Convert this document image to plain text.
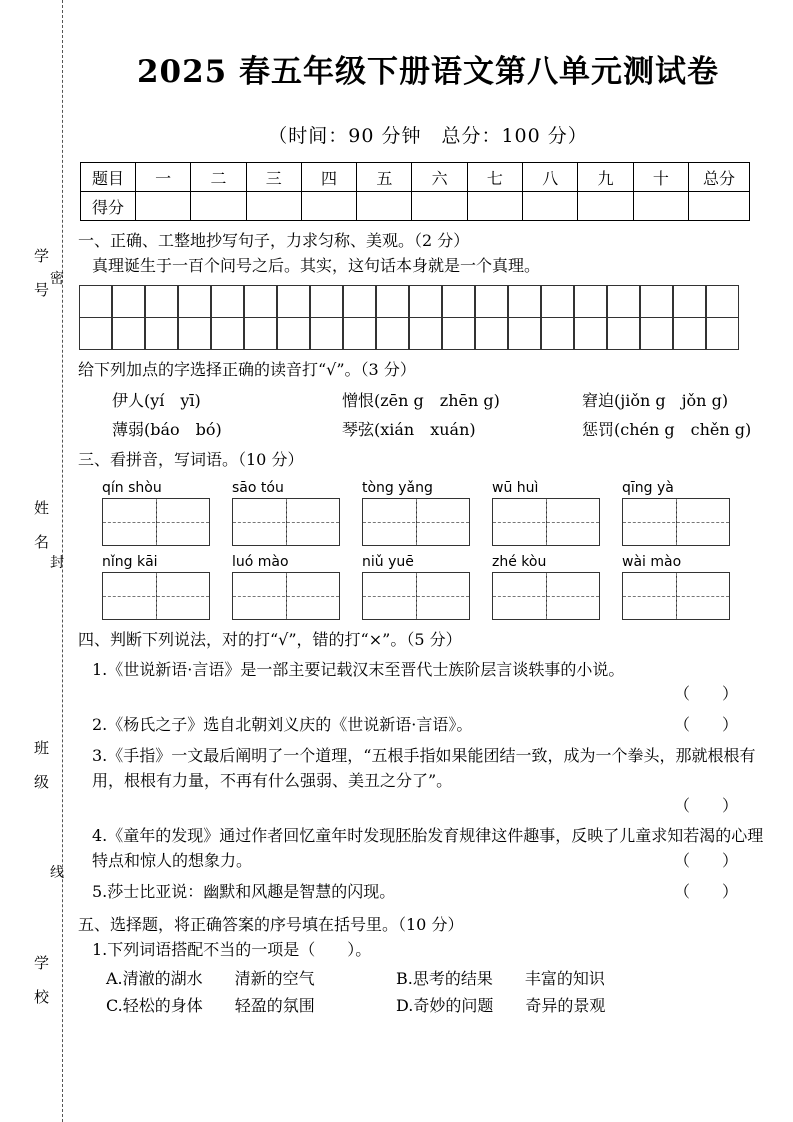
学　号
姓　名
班　级
学　校
密
封
线
2025 春五年级下册语文第八单元测试卷
（时间：90 分钟　总分：100 分）
题目	一	二	三	四	五	六	七	八	九	十	总分
得分											
一、正确、工整地抄写句子，力求匀称、美观。（2 分）
真理诞生于一百个问号之后。其实，这句话本身就是一个真理。
给下列加点的字选择正确的读音打“√”。（3 分）
伊人(yí　yī)	憎恨(zēn g　zhēn g)	窘迫(jiǒn g　jǒn g)
薄弱(báo　bó)	琴弦(xián　xuán)	惩罚(chén g　chěn g)
三、看拼音，写词语。（10 分）
qín shòu	sāo tóu	tòng yǎng	wū huì	qīng yà
nǐng kāi	luó mào	niǔ yuē	zhé kòu	wài mào
四、判断下列说法，对的打“√”，错的打“×”。（5 分）
1.《世说新语·言语》是一部主要记载汉末至晋代士族阶层言谈轶事的小说。
（　　）
2.《杨氏之子》选自北朝刘义庆的《世说新语·言语》。	（　　）
3.《手指》一文最后阐明了一个道理，“五根手指如果能团结一致，成为一个拳头，那就根根有用，根根有力量，不再有什么强弱、美丑之分了”。
（　　）
4.《童年的发现》通过作者回忆童年时发现胚胎发育规律这件趣事，反映了儿童求知若渴的心理特点和惊人的想象力。	（　　）
5.莎士比亚说：幽默和风趣是智慧的闪现。	（　　）
五、选择题，将正确答案的序号填在括号里。（10 分）
1.下列词语搭配不当的一项是（　　）。
A.清澈的湖水　　清新的空气	B.思考的结果　　丰富的知识
C.轻松的身体　　轻盈的氛围	D.奇妙的问题　　奇异的景观
